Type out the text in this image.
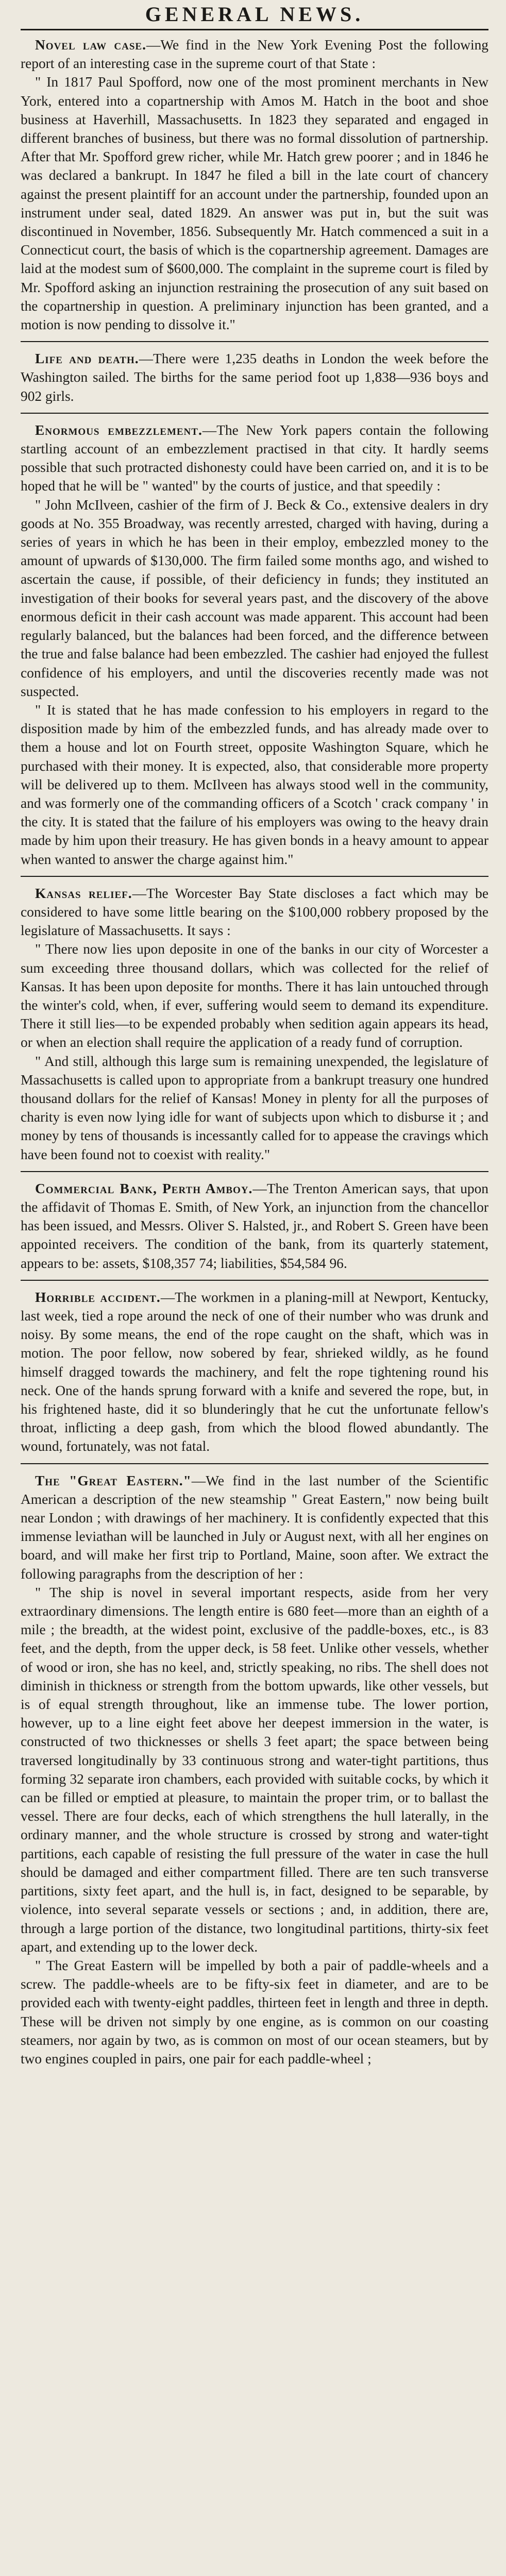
GENERAL NEWS.

Novel law case.—We find in the New York Evening Post the following report of an interesting case in the supreme court of that State :

" In 1817 Paul Spofford, now one of the most prominent merchants in New York, entered into a copartnership with Amos M. Hatch in the boot and shoe business at Haverhill, Massachusetts. In 1823 they separated and engaged in different branches of business, but there was no formal dissolution of partnership. After that Mr. Spofford grew richer, while Mr. Hatch grew poorer ; and in 1846 he was declared a bankrupt. In 1847 he filed a bill in the late court of chancery against the present plaintiff for an account under the partnership, founded upon an instrument under seal, dated 1829. An answer was put in, but the suit was discontinued in November, 1856. Subsequently Mr. Hatch commenced a suit in a Connecticut court, the basis of which is the copartnership agreement. Damages are laid at the modest sum of $600,000. The complaint in the supreme court is filed by Mr. Spofford asking an injunction restraining the prosecution of any suit based on the copartnership in question. A preliminary injunction has been granted, and a motion is now pending to dissolve it."

Life and death.—There were 1,235 deaths in London the week before the Washington sailed. The births for the same period foot up 1,838—936 boys and 902 girls.

Enormous embezzlement.—The New York papers contain the following startling account of an embezzlement practised in that city. It hardly seems possible that such protracted dishonesty could have been carried on, and it is to be hoped that he will be " wanted" by the courts of justice, and that speedily :

" John McIlveen, cashier of the firm of J. Beck & Co., extensive dealers in dry goods at No. 355 Broadway, was recently arrested, charged with having, during a series of years in which he has been in their employ, embezzled money to the amount of upwards of $130,000. The firm failed some months ago, and wished to ascertain the cause, if possible, of their deficiency in funds; they instituted an investigation of their books for several years past, and the discovery of the above enormous deficit in their cash account was made apparent. This account had been regularly balanced, but the balances had been forced, and the difference between the true and false balance had been embezzled. The cashier had enjoyed the fullest confidence of his employers, and until the discoveries recently made was not suspected.

" It is stated that he has made confession to his employers in regard to the disposition made by him of the embezzled funds, and has already made over to them a house and lot on Fourth street, opposite Washington Square, which he purchased with their money. It is expected, also, that considerable more property will be delivered up to them. McIlveen has always stood well in the community, and was formerly one of the commanding officers of a Scotch ' crack company ' in the city. It is stated that the failure of his employers was owing to the heavy drain made by him upon their treasury. He has given bonds in a heavy amount to appear when wanted to answer the charge against him."

Kansas relief.—The Worcester Bay State discloses a fact which may be considered to have some little bearing on the $100,000 robbery proposed by the legislature of Massachusetts. It says :

" There now lies upon deposite in one of the banks in our city of Worcester a sum exceeding three thousand dollars, which was collected for the relief of Kansas. It has been upon deposite for months. There it has lain untouched through the winter's cold, when, if ever, suffering would seem to demand its expenditure. There it still lies—to be expended probably when sedition again appears its head, or when an election shall require the application of a ready fund of corruption.

" And still, although this large sum is remaining unexpended, the legislature of Massachusetts is called upon to appropriate from a bankrupt treasury one hundred thousand dollars for the relief of Kansas! Money in plenty for all the purposes of charity is even now lying idle for want of subjects upon which to disburse it ; and money by tens of thousands is incessantly called for to appease the cravings which have been found not to coexist with reality."

Commercial Bank, Perth Amboy.—The Trenton American says, that upon the affidavit of Thomas E. Smith, of New York, an injunction from the chancellor has been issued, and Messrs. Oliver S. Halsted, jr., and Robert S. Green have been appointed receivers. The condition of the bank, from its quarterly statement, appears to be: assets, $108,357 74; liabilities, $54,584 96.

Horrible accident.—The workmen in a planing-mill at Newport, Kentucky, last week, tied a rope around the neck of one of their number who was drunk and noisy. By some means, the end of the rope caught on the shaft, which was in motion. The poor fellow, now sobered by fear, shrieked wildly, as he found himself dragged towards the machinery, and felt the rope tightening round his neck. One of the hands sprung forward with a knife and severed the rope, but, in his frightened haste, did it so blunderingly that he cut the unfortunate fellow's throat, inflicting a deep gash, from which the blood flowed abundantly. The wound, fortunately, was not fatal.

The "Great Eastern."—We find in the last number of the Scientific American a description of the new steamship " Great Eastern," now being built near London ; with drawings of her machinery. It is confidently expected that this immense leviathan will be launched in July or August next, with all her engines on board, and will make her first trip to Portland, Maine, soon after. We extract the following paragraphs from the description of her :

" The ship is novel in several important respects, aside from her very extraordinary dimensions. The length entire is 680 feet—more than an eighth of a mile ; the breadth, at the widest point, exclusive of the paddle-boxes, etc., is 83 feet, and the depth, from the upper deck, is 58 feet. Unlike other vessels, whether of wood or iron, she has no keel, and, strictly speaking, no ribs. The shell does not diminish in thickness or strength from the bottom upwards, like other vessels, but is of equal strength throughout, like an immense tube. The lower portion, however, up to a line eight feet above her deepest immersion in the water, is constructed of two thicknesses or shells 3 feet apart; the space between being traversed longitudinally by 33 continuous strong and water-tight partitions, thus forming 32 separate iron chambers, each provided with suitable cocks, by which it can be filled or emptied at pleasure, to maintain the proper trim, or to ballast the vessel. There are four decks, each of which strengthens the hull laterally, in the ordinary manner, and the whole structure is crossed by strong and water-tight partitions, each capable of resisting the full pressure of the water in case the hull should be damaged and either compartment filled. There are ten such transverse partitions, sixty feet apart, and the hull is, in fact, designed to be separable, by violence, into several separate vessels or sections ; and, in addition, there are, through a large portion of the distance, two longitudinal partitions, thirty-six feet apart, and extending up to the lower deck.

" The Great Eastern will be impelled by both a pair of paddle-wheels and a screw. The paddle-wheels are to be fifty-six feet in diameter, and are to be provided each with twenty-eight paddles, thirteen feet in length and three in depth. These will be driven not simply by one engine, as is common on our coasting steamers, nor again by two, as is common on most of our ocean steamers, but by two engines coupled in pairs, one pair for each paddle-wheel ;
